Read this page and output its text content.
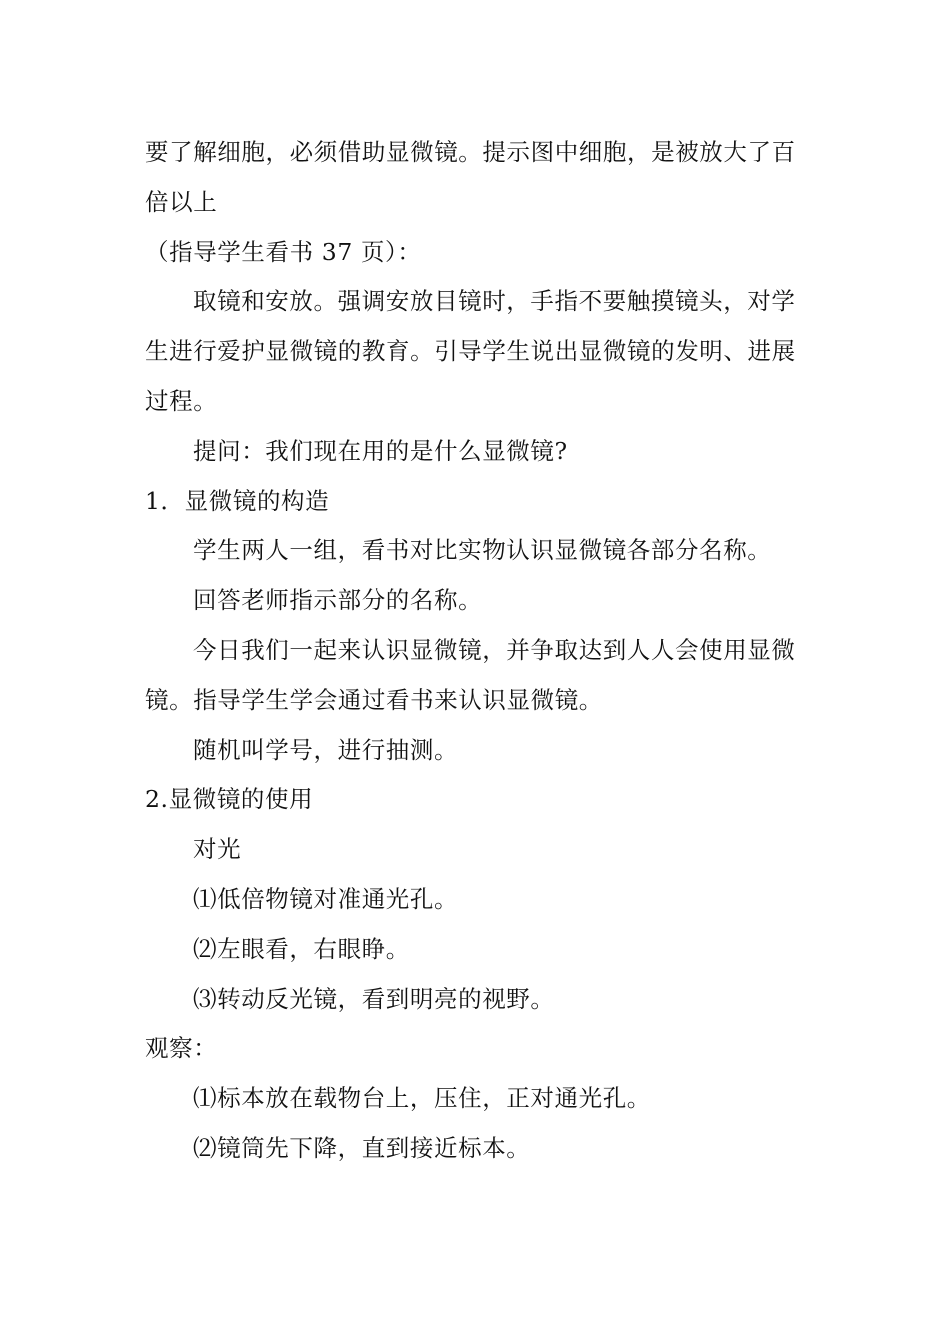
要了解细胞，必须借助显微镜。提示图中细胞，是被放大了百

倍以上

（指导学生看书 37 页）：

取镜和安放。强调安放目镜时，手指不要触摸镜头，对学

生进行爱护显微镜的教育。引导学生说出显微镜的发明、进展

过程。

提问：我们现在用的是什么显微镜?

1．显微镜的构造

学生两人一组，看书对比实物认识显微镜各部分名称。

回答老师指示部分的名称。

今日我们一起来认识显微镜，并争取达到人人会使用显微

镜。指导学生学会通过看书来认识显微镜。

随机叫学号，进行抽测。

2.显微镜的使用

对光

⑴低倍物镜对准通光孔。

⑵左眼看，右眼睁。

⑶转动反光镜，看到明亮的视野。

观察：

⑴标本放在载物台上，压住，正对通光孔。

⑵镜筒先下降，直到接近标本。
